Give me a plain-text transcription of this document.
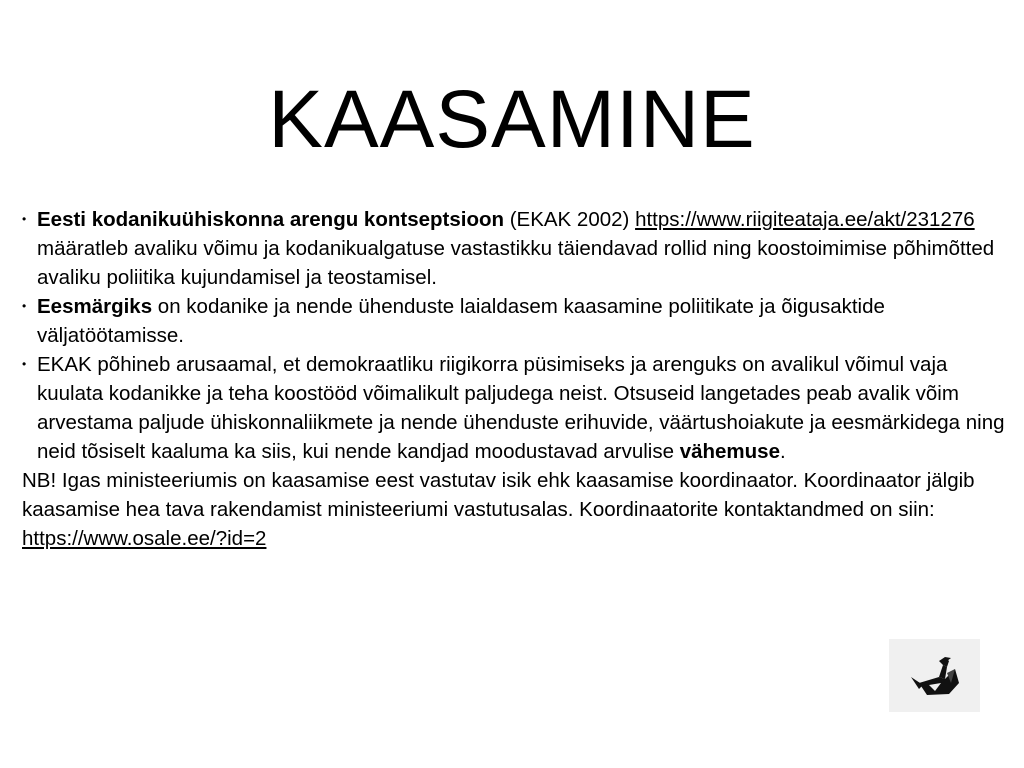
KAASAMINE
• Eesti kodanikuühiskonna arengu kontseptsioon (EKAK 2002) https://www.riigiteataja.ee/akt/231276 määratleb avaliku võimu ja kodanikualgatuse vastastikku täiendavad rollid ning koostoimimise põhimõtted avaliku poliitika kujundamisel ja teostamisel.
• Eesmärgiks on kodanike ja nende ühenduste laialdasem kaasamine poliitikate ja õigusaktide väljatöötamisse.
• EKAK põhineb arusaamal, et demokraatliku riigikorra püsimiseks ja arenguks on avalikul võimul vaja kuulata kodanikke ja teha koostööd võimalikult paljudega neist. Otsuseid langetades peab avalik võim arvestama paljude ühiskonnaliikmete ja nende ühenduste erihuvide, väärtushoiakute ja eesmärkidega ning neid tõsiselt kaaluma ka siis, kui nende kandjad moodustavad arvulise vähemuse.
NB! Igas ministeeriumis on kaasamise eest vastutav isik ehk kaasamise koordinaator. Koordinaator jälgib kaasamise hea tava rakendamist ministeeriumi vastutusalas. Koordinaatorite kontaktandmed on siin:
https://www.osale.ee/?id=2
